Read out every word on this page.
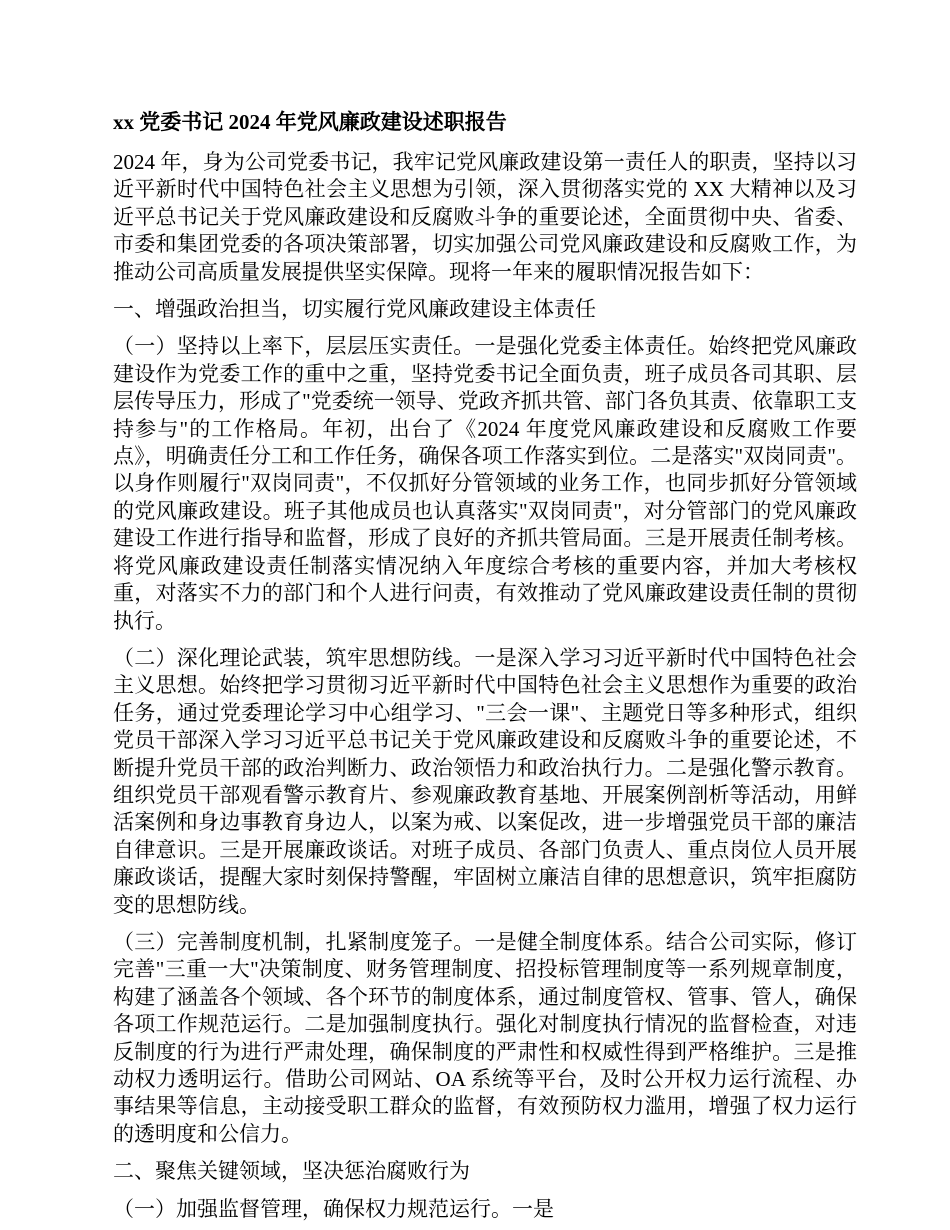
xx 党委书记 2024 年党风廉政建设述职报告

2024 年，身为公司党委书记，我牢记党风廉政建设第一责任人的职责，坚持以习近平新时代中国特色社会主义思想为引领，深入贯彻落实党的 XX 大精神以及习近平总书记关于党风廉政建设和反腐败斗争的重要论述，全面贯彻中央、省委、市委和集团党委的各项决策部署，切实加强公司党风廉政建设和反腐败工作，为推动公司高质量发展提供坚实保障。现将一年来的履职情况报告如下：

一、增强政治担当，切实履行党风廉政建设主体责任

（一）坚持以上率下，层层压实责任。一是强化党委主体责任。始终把党风廉政建设作为党委工作的重中之重，坚持党委书记全面负责，班子成员各司其职、层层传导压力，形成了"党委统一领导、党政齐抓共管、部门各负其责、依靠职工支持参与"的工作格局。年初，出台了《2024 年度党风廉政建设和反腐败工作要点》，明确责任分工和工作任务，确保各项工作落实到位。二是落实"双岗同责"。以身作则履行"双岗同责"，不仅抓好分管领域的业务工作，也同步抓好分管领域的党风廉政建设。班子其他成员也认真落实"双岗同责"，对分管部门的党风廉政建设工作进行指导和监督，形成了良好的齐抓共管局面。三是开展责任制考核。将党风廉政建设责任制落实情况纳入年度综合考核的重要内容，并加大考核权重，对落实不力的部门和个人进行问责，有效推动了党风廉政建设责任制的贯彻执行。

（二）深化理论武装，筑牢思想防线。一是深入学习习近平新时代中国特色社会主义思想。始终把学习贯彻习近平新时代中国特色社会主义思想作为重要的政治任务，通过党委理论学习中心组学习、"三会一课"、主题党日等多种形式，组织党员干部深入学习习近平总书记关于党风廉政建设和反腐败斗争的重要论述，不断提升党员干部的政治判断力、政治领悟力和政治执行力。二是强化警示教育。组织党员干部观看警示教育片、参观廉政教育基地、开展案例剖析等活动，用鲜活案例和身边事教育身边人，以案为戒、以案促改，进一步增强党员干部的廉洁自律意识。三是开展廉政谈话。对班子成员、各部门负责人、重点岗位人员开展廉政谈话，提醒大家时刻保持警醒，牢固树立廉洁自律的思想意识，筑牢拒腐防变的思想防线。

（三）完善制度机制，扎紧制度笼子。一是健全制度体系。结合公司实际，修订完善"三重一大"决策制度、财务管理制度、招投标管理制度等一系列规章制度，构建了涵盖各个领域、各个环节的制度体系，通过制度管权、管事、管人，确保各项工作规范运行。二是加强制度执行。强化对制度执行情况的监督检查，对违反制度的行为进行严肃处理，确保制度的严肃性和权威性得到严格维护。三是推动权力透明运行。借助公司网站、OA 系统等平台，及时公开权力运行流程、办事结果等信息，主动接受职工群众的监督，有效预防权力滥用，增强了权力运行的透明度和公信力。

二、聚焦关键领域，坚决惩治腐败行为

（一）加强监督管理，确保权力规范运行。一是
